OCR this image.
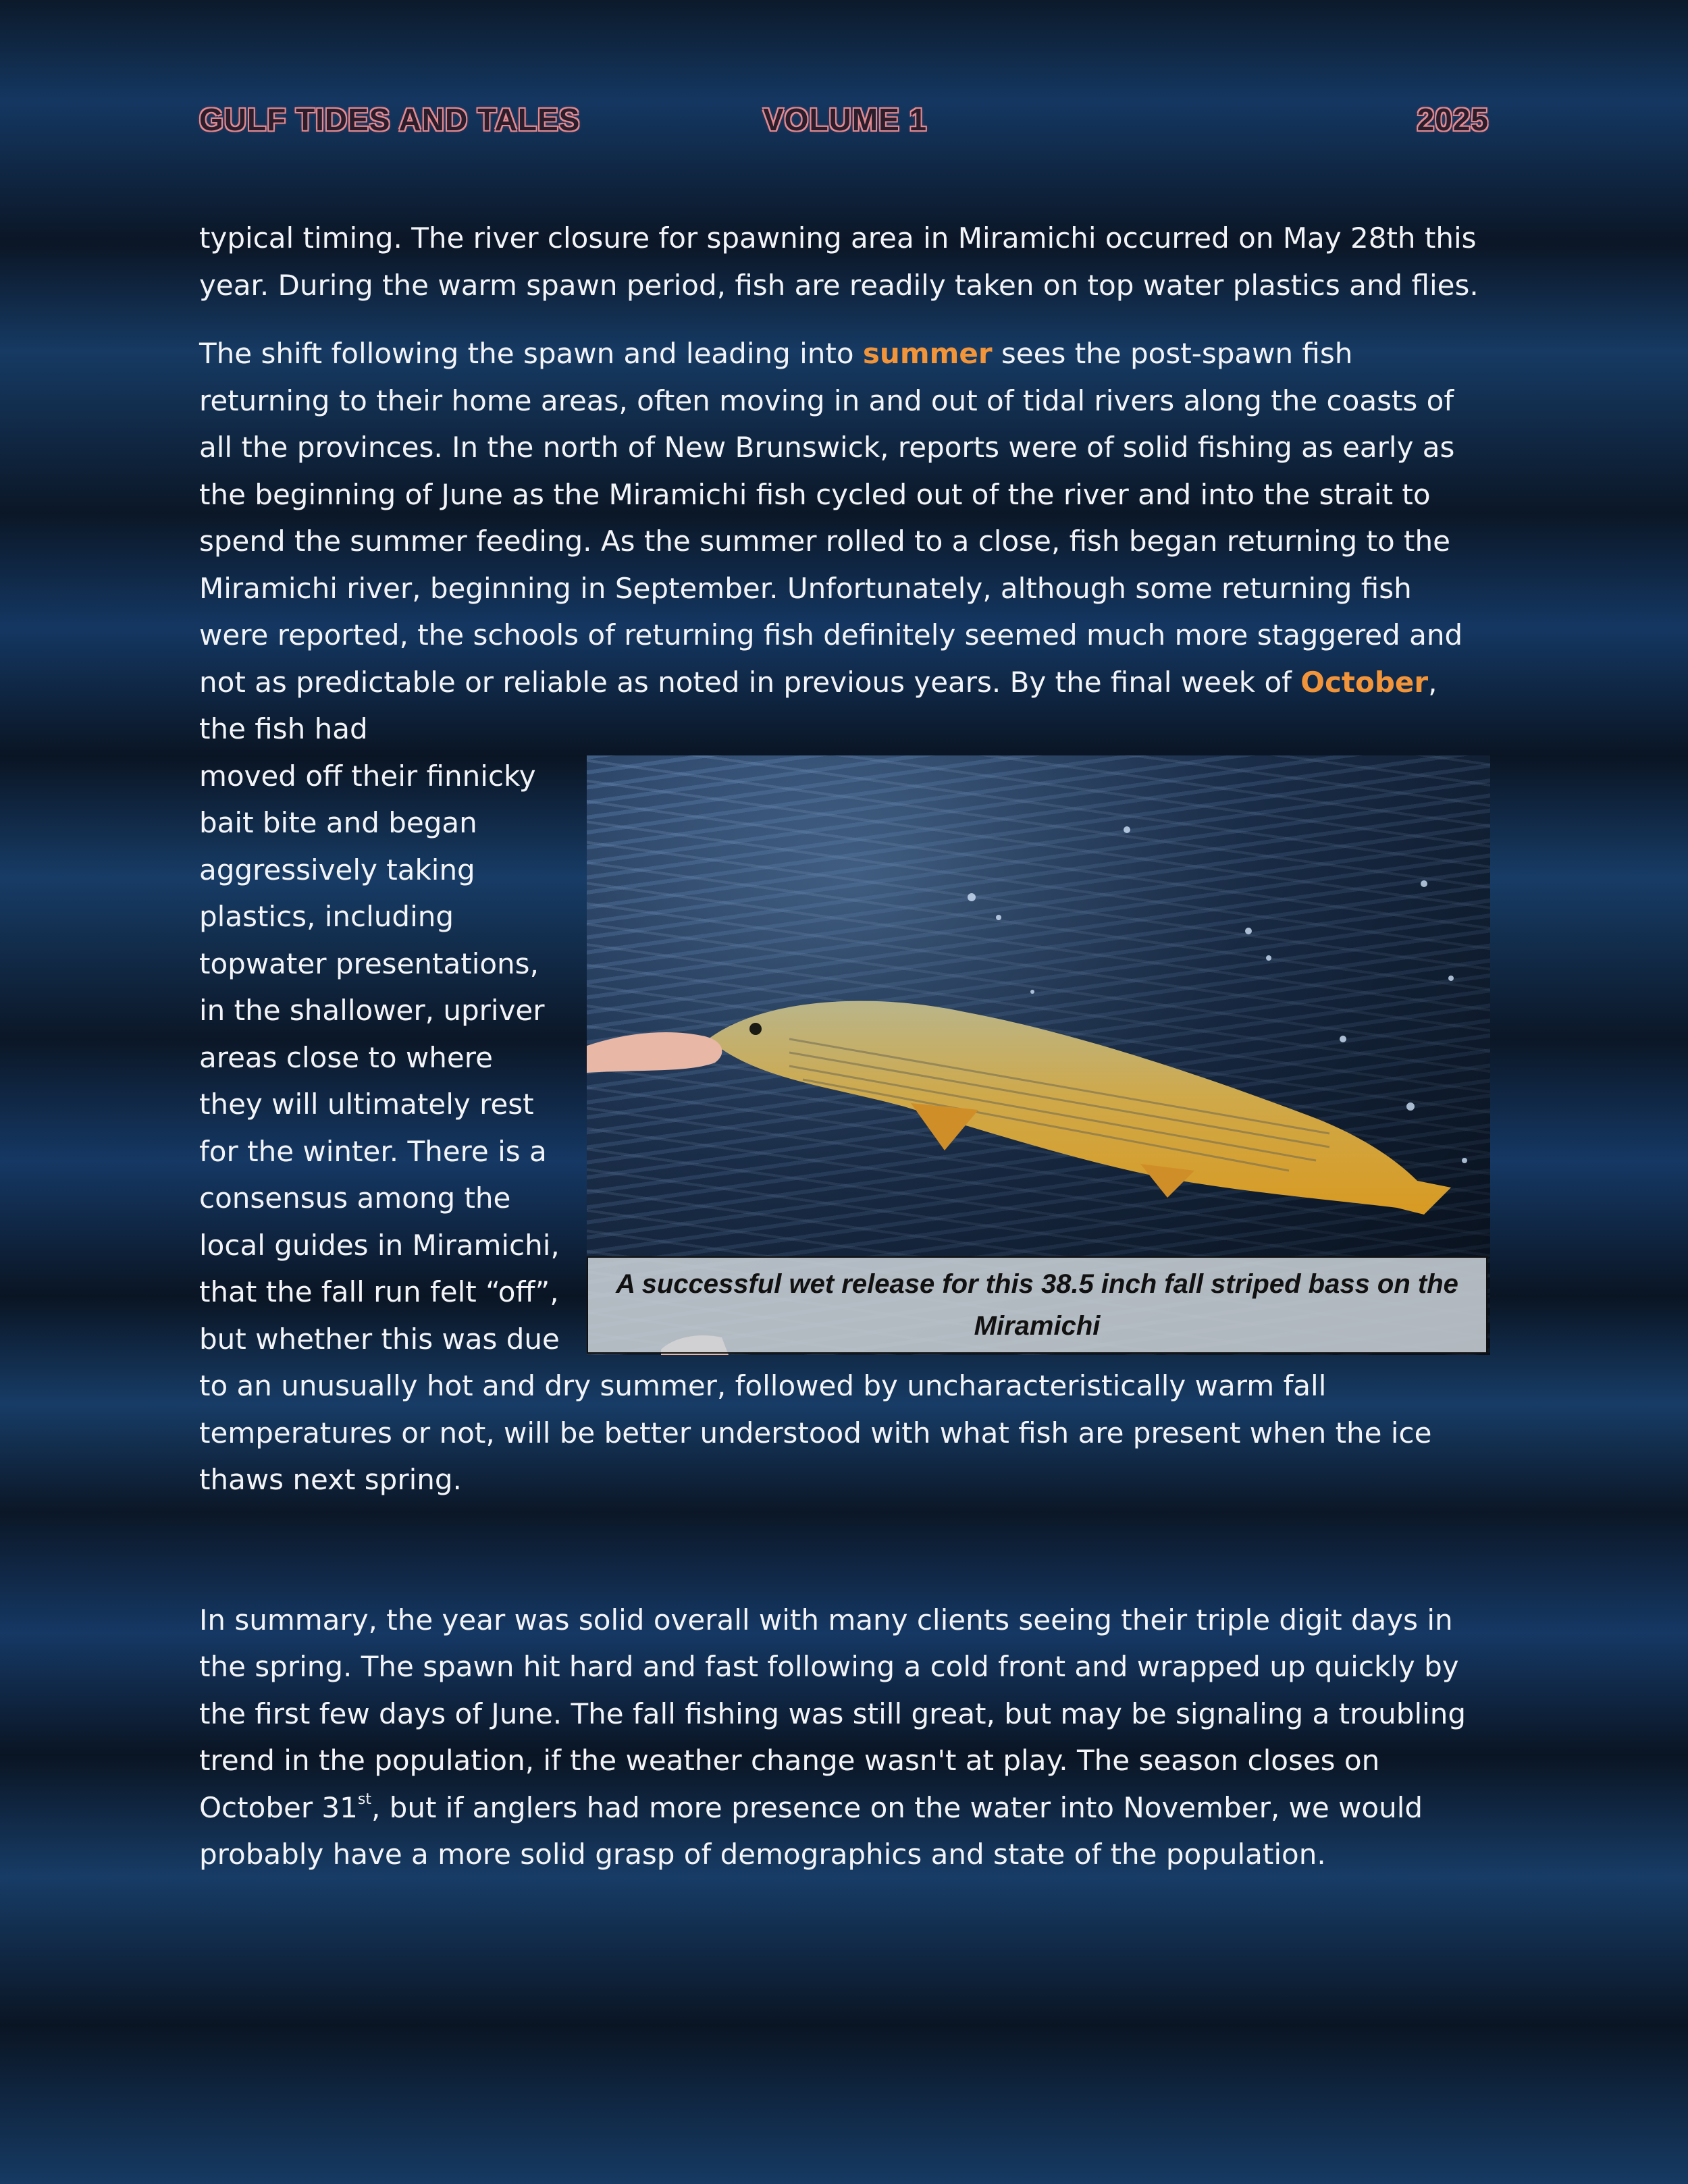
GULF TIDES AND TALES	VOLUME 1	2025

typical timing. The river closure for spawning area in Miramichi occurred on May 28th this year. During the warm spawn period, fish are readily taken on top water plastics and flies.

The shift following the spawn and leading into summer sees the post-spawn fish returning to their home areas, often moving in and out of tidal rivers along the coasts of all the provinces. In the north of New Brunswick, reports were of solid fishing as early as the beginning of June as the Miramichi fish cycled out of the river and into the strait to spend the summer feeding. As the summer rolled to a close, fish began returning to the Miramichi river, beginning in September. Unfortunately, although some returning fish were reported, the schools of returning fish definitely seemed much more staggered and not as predictable or reliable as noted in previous years. By the final week of October, the fish had

A successful wet release for this 38.5 inch fall striped bass on the Miramichi

moved off their finnicky bait bite and began aggressively taking plastics, including topwater presentations, in the shallower, upriver areas close to where they will ultimately rest for the winter. There is a consensus among the local guides in Miramichi, that the fall run felt “off”, but whether this was due to an unusually hot and dry summer, followed by uncharacteristically warm fall temperatures or not, will be better understood with what fish are present when the ice thaws next spring.

In summary, the year was solid overall with many clients seeing their triple digit days in the spring. The spawn hit hard and fast following a cold front and wrapped up quickly by the first few days of June. The fall fishing was still great, but may be signaling a troubling trend in the population, if the weather change wasn't at play. The season closes on October 31st, but if anglers had more presence on the water into November, we would probably have a more solid grasp of demographics and state of the population.
